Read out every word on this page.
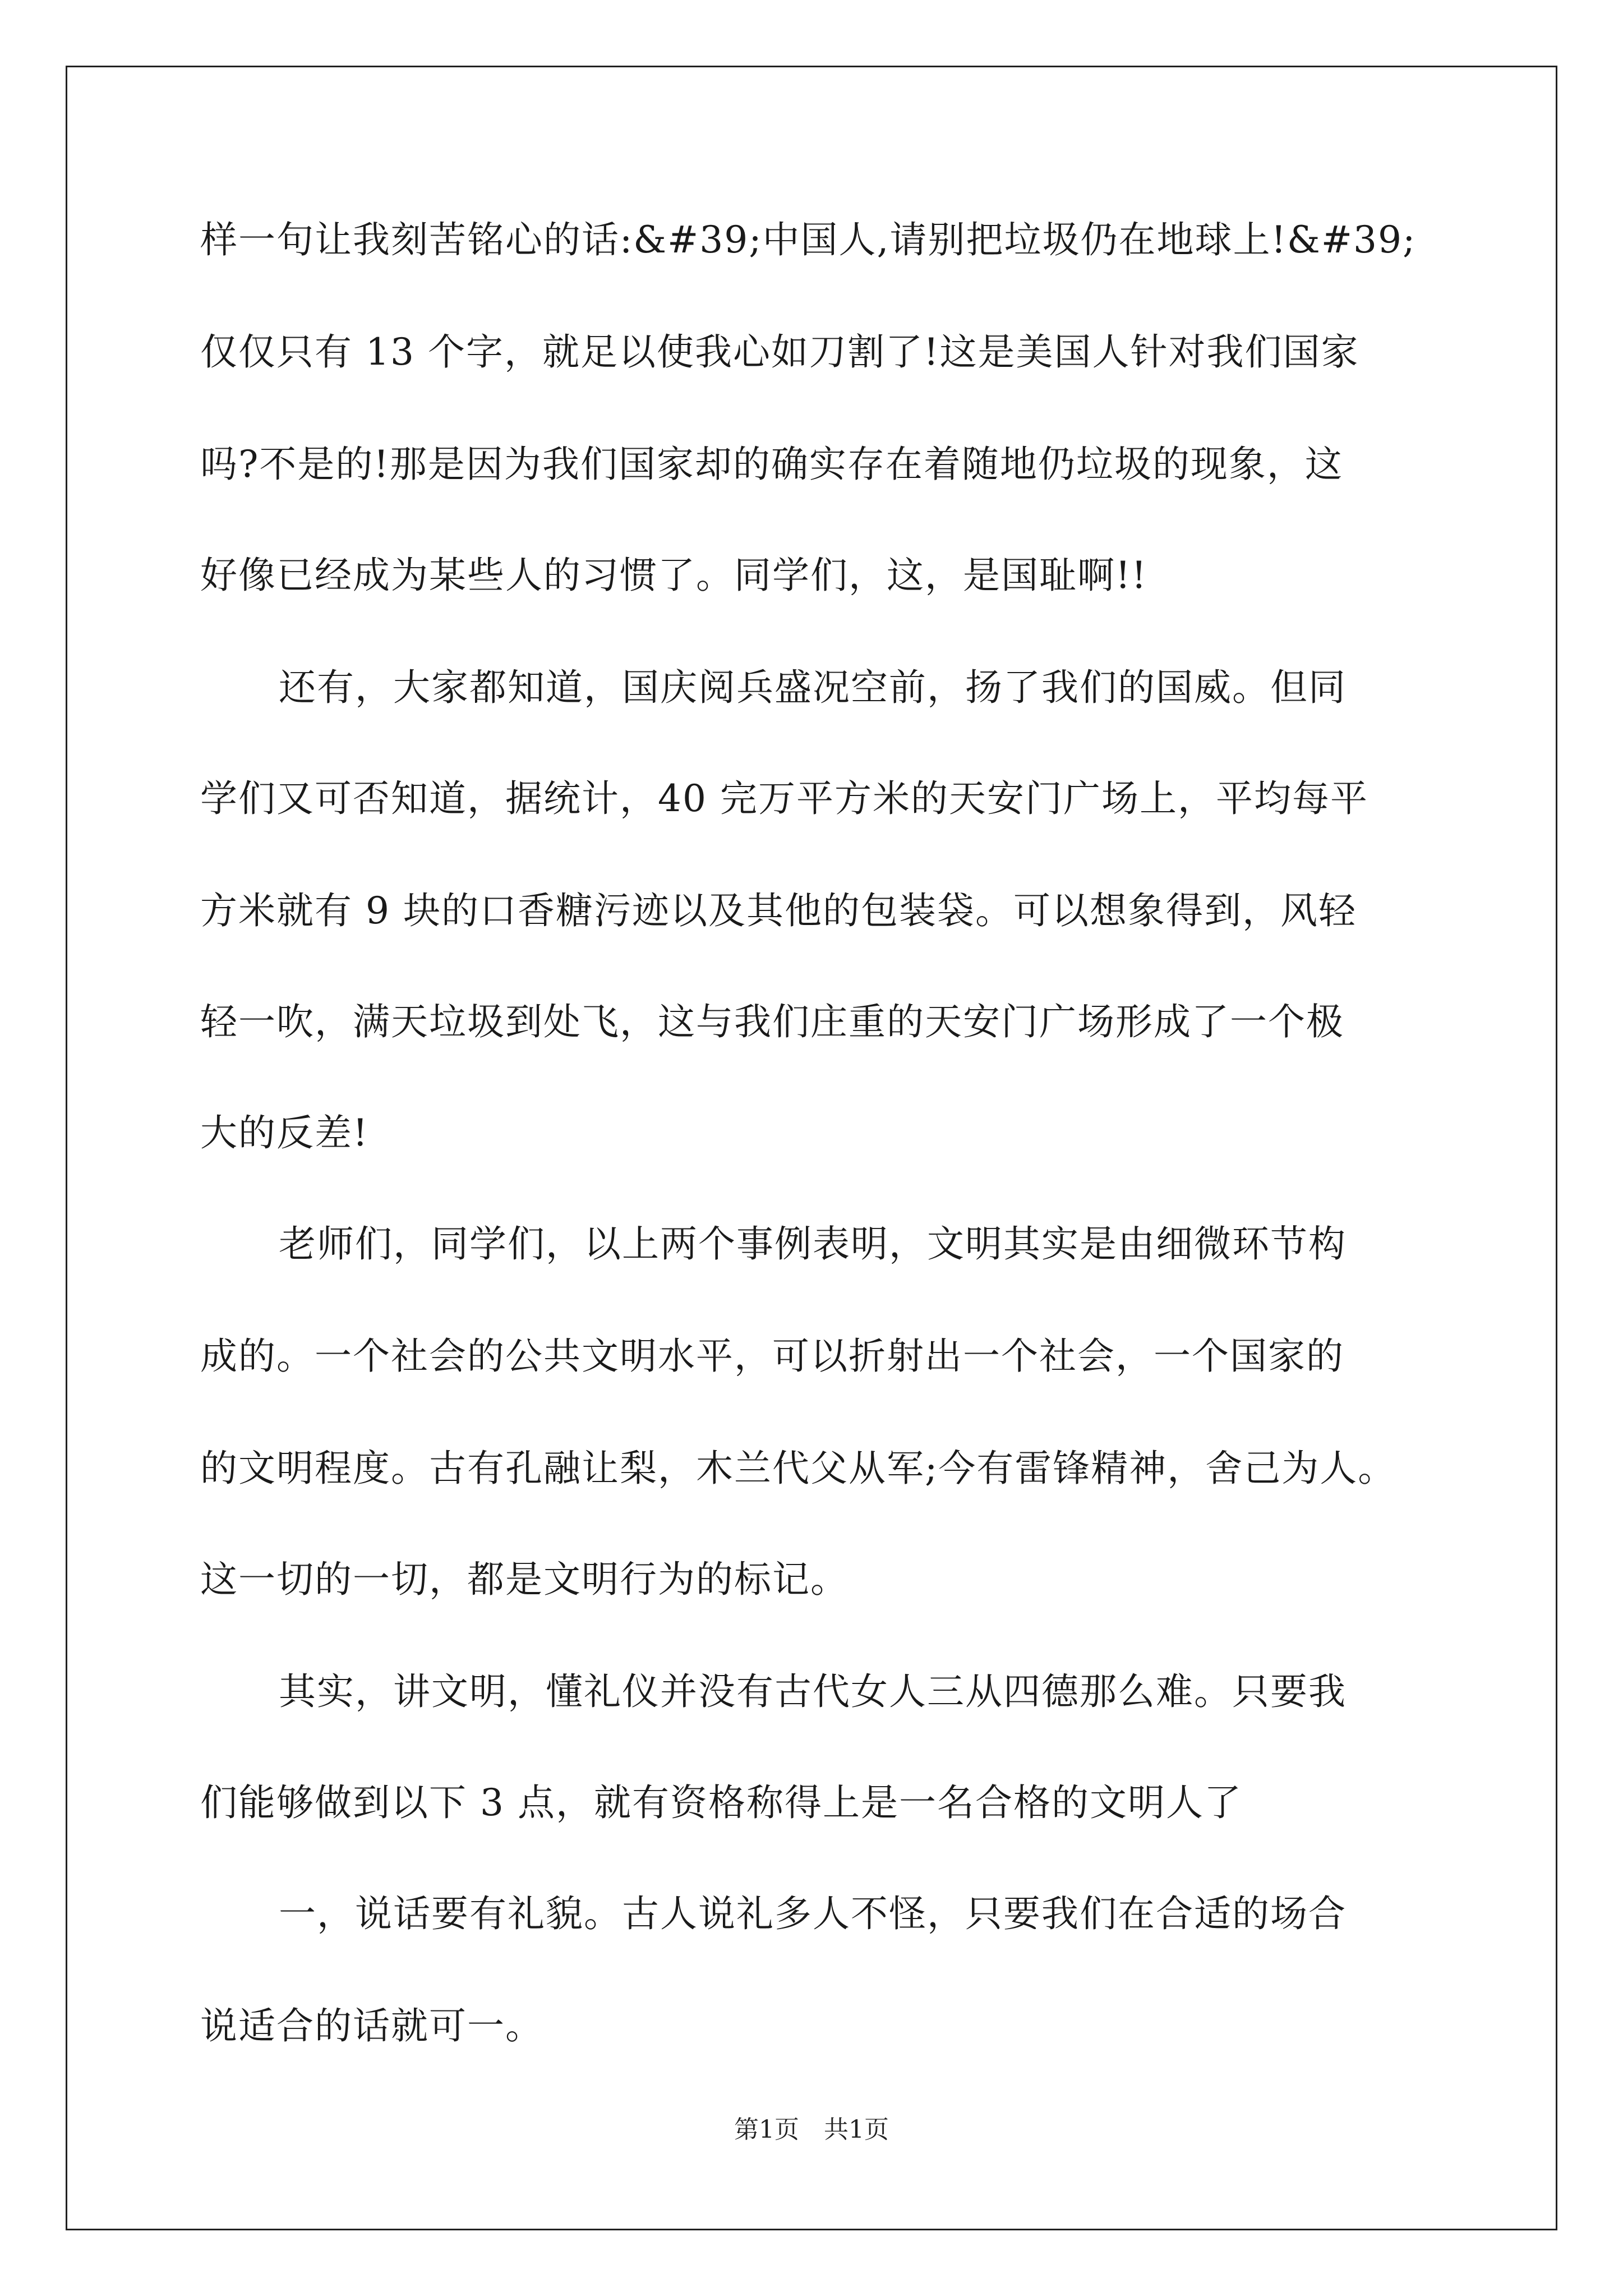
样一句让我刻苦铭心的话:&#39;中国人,请别把垃圾仍在地球上!&#39;
仅仅只有 13 个字，就足以使我心如刀割了!这是美国人针对我们国家
吗?不是的!那是因为我们国家却的确实存在着随地仍垃圾的现象，这
好像已经成为某些人的习惯了。同学们，这，是国耻啊!!
还有，大家都知道，国庆阅兵盛况空前，扬了我们的国威。但同
学们又可否知道，据统计，40 完万平方米的天安门广场上，平均每平
方米就有 9 块的口香糖污迹以及其他的包装袋。可以想象得到，风轻
轻一吹，满天垃圾到处飞，这与我们庄重的天安门广场形成了一个极
大的反差!
老师们，同学们，以上两个事例表明，文明其实是由细微环节构
成的。一个社会的公共文明水平，可以折射出一个社会，一个国家的
的文明程度。古有孔融让梨，木兰代父从军;今有雷锋精神，舍己为人。
这一切的一切，都是文明行为的标记。
其实，讲文明，懂礼仪并没有古代女人三从四德那么难。只要我
们能够做到以下 3 点，就有资格称得上是一名合格的文明人了
一，说话要有礼貌。古人说礼多人不怪，只要我们在合适的场合
说适合的话就可一。
第1页　共1页
